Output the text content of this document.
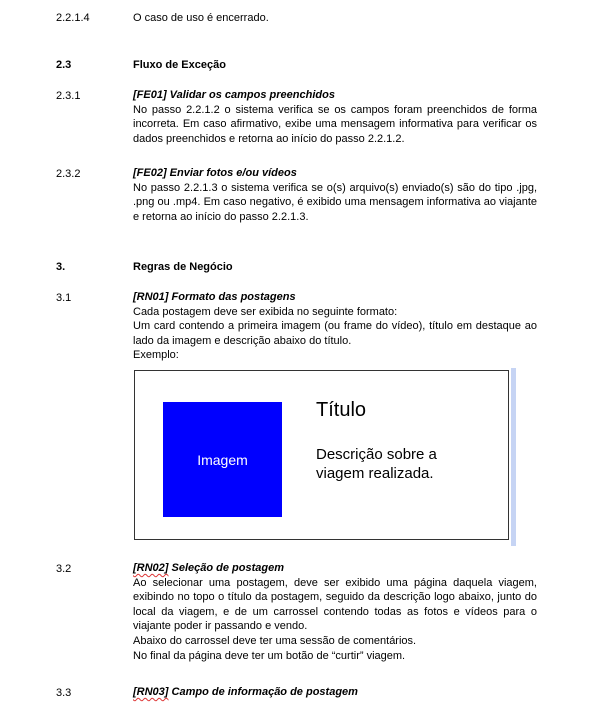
2.2.1.4	O caso de uso é encerrado.
2.3	Fluxo de Exceção
2.3.1	[FE01] Validar os campos preenchidos

No passo 2.2.1.2 o sistema verifica se os campos foram preenchidos de forma incorreta. Em caso afirmativo, exibe uma mensagem informativa para verificar os dados preenchidos e retorna ao início do passo 2.2.1.2.

2.3.2	[FE02] Enviar fotos e/ou vídeos

No passo 2.2.1.3 o sistema verifica se o(s) arquivo(s) enviado(s) são do tipo .jpg, .png ou .mp4. Em caso negativo, é exibido uma mensagem informativa ao viajante e retorna ao início do passo 2.2.1.3.

3.	Regras de Negócio
3.1	[RN01] Formato das postagens

Cada postagem deve ser exibida no seguinte formato:

Um card contendo a primeira imagem (ou frame do vídeo), título em destaque ao lado da imagem e descrição abaixo do título.

Exemplo:

Imagem
Título
Descrição sobre a viagem realizada.
3.2	[RN02] Seleção de postagem

Ao selecionar uma postagem, deve ser exibido uma página daquela viagem, exibindo no topo o título da postagem, seguido da descrição logo abaixo, junto do local da viagem, e de um carrossel contendo todas as fotos e vídeos para o viajante poder ir passando e vendo.

Abaixo do carrossel deve ter uma sessão de comentários.

No final da página deve ter um botão de “curtir” viagem.

3.3	[RN03] Campo de informação de postagem
